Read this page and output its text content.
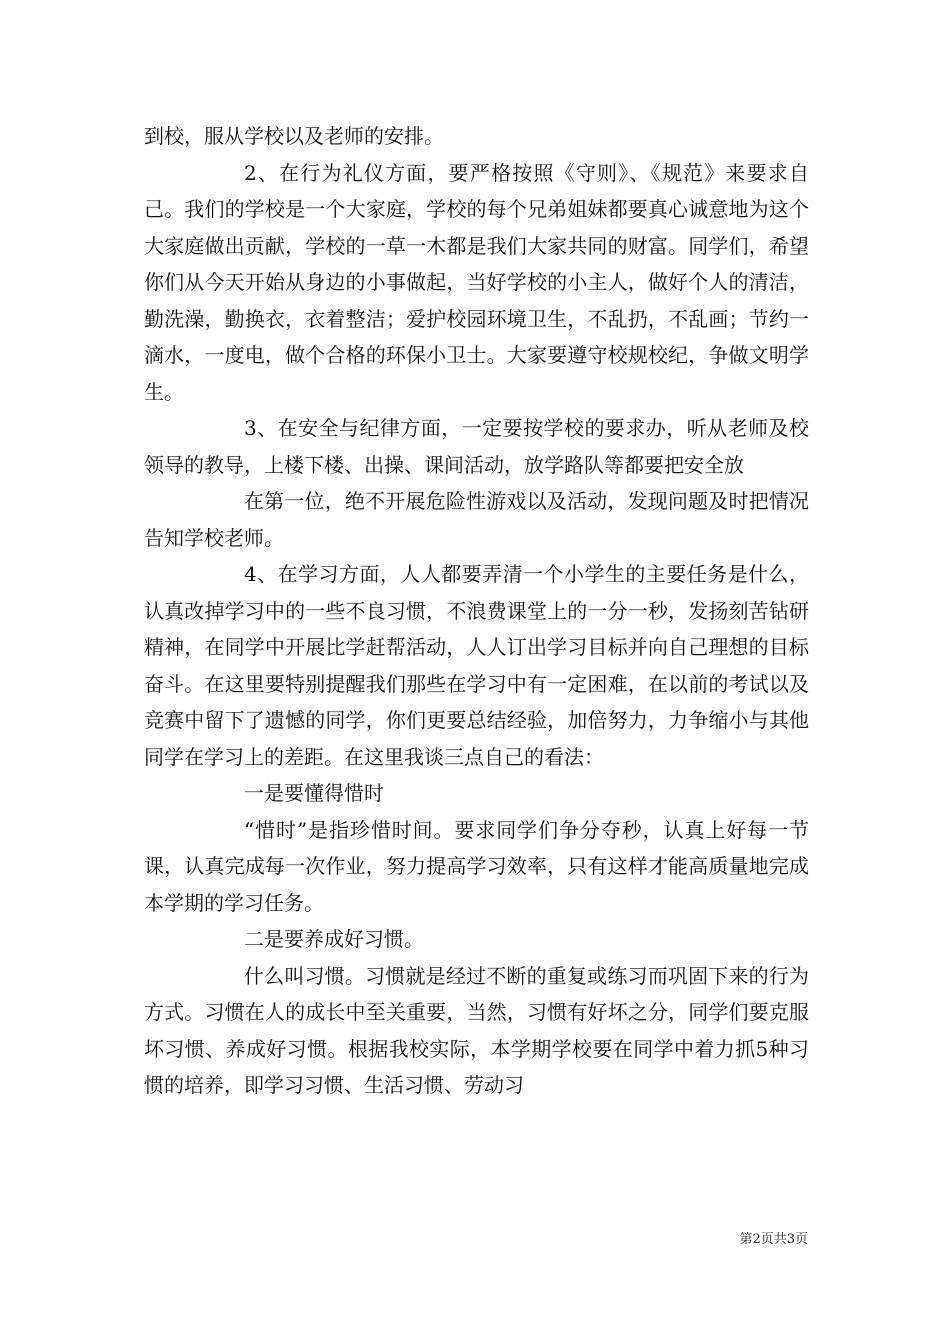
到校，服从学校以及老师的安排。

2、在行为礼仪方面，要严格按照《守则》、《规范》来要求自己。我们的学校是一个大家庭，学校的每个兄弟姐妹都要真心诚意地为这个大家庭做出贡献，学校的一草一木都是我们大家共同的财富。同学们，希望你们从今天开始从身边的小事做起，当好学校的小主人，做好个人的清洁，勤洗澡，勤换衣，衣着整洁；爱护校园环境卫生，不乱扔，不乱画；节约一滴水，一度电，做个合格的环保小卫士。大家要遵守校规校纪，争做文明学生。

3、在安全与纪律方面，一定要按学校的要求办，听从老师及校领导的教导，上楼下楼、出操、课间活动，放学路队等都要把安全放

在第一位，绝不开展危险性游戏以及活动，发现问题及时把情况告知学校老师。

4、在学习方面，人人都要弄清一个小学生的主要任务是什么，认真改掉学习中的一些不良习惯，不浪费课堂上的一分一秒，发扬刻苦钻研精神，在同学中开展比学赶帮活动，人人订出学习目标并向自己理想的目标奋斗。在这里要特别提醒我们那些在学习中有一定困难，在以前的考试以及竞赛中留下了遗憾的同学，你们更要总结经验，加倍努力，力争缩小与其他同学在学习上的差距。在这里我谈三点自己的看法：

一是要懂得惜时

“惜时”是指珍惜时间。要求同学们争分夺秒，认真上好每一节课，认真完成每一次作业，努力提高学习效率，只有这样才能高质量地完成本学期的学习任务。

二是要养成好习惯。

什么叫习惯。习惯就是经过不断的重复或练习而巩固下来的行为方式。习惯在人的成长中至关重要，当然，习惯有好坏之分，同学们要克服坏习惯、养成好习惯。根据我校实际，本学期学校要在同学中着力抓5种习惯的培养，即学习习惯、生活习惯、劳动习

第2页共3页
